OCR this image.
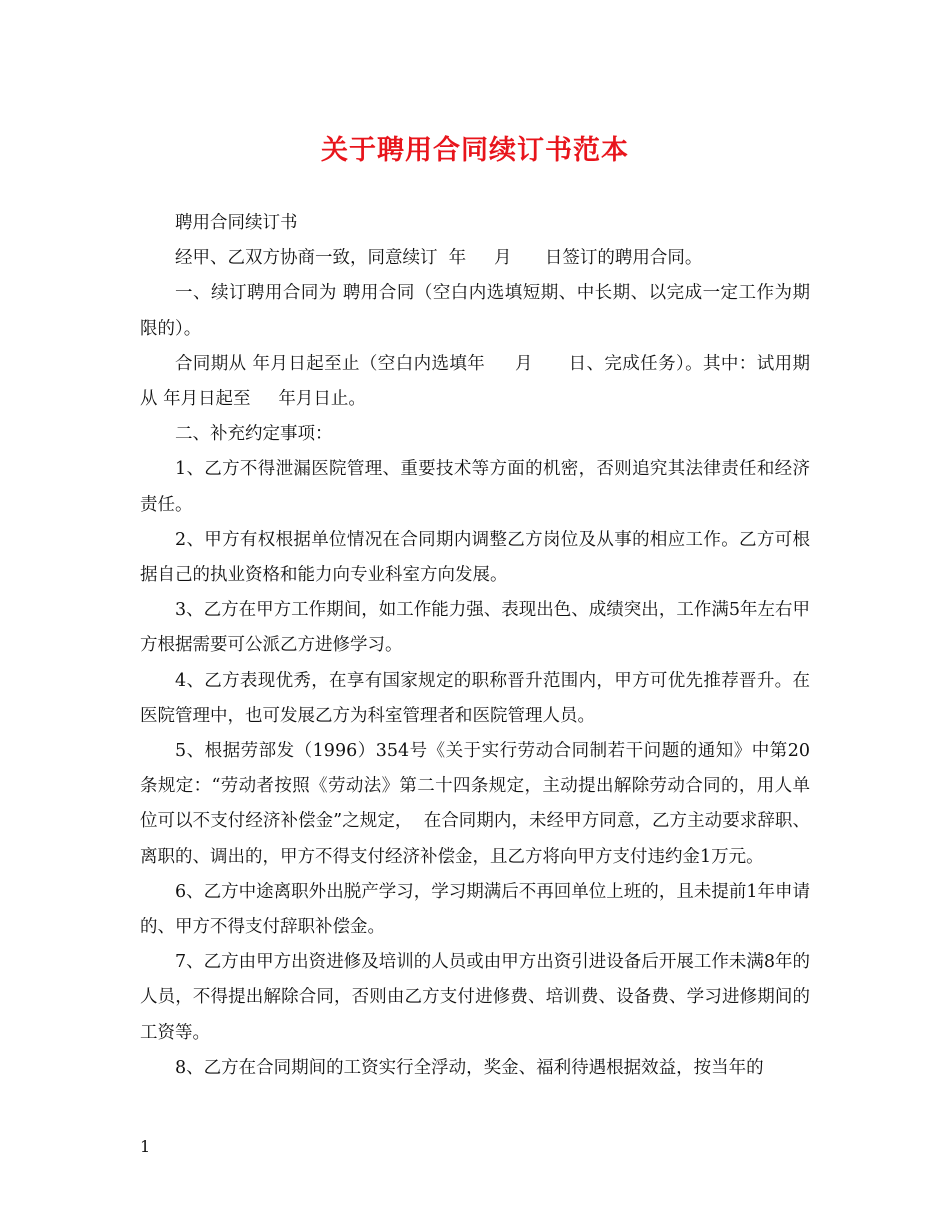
关于聘用合同续订书范本

聘用合同续订书

经甲、乙双方协商一致，同意续订  年     月      日签订的聘用合同。

一、续订聘用合同为 聘用合同（空白内选填短期、中长期、以完成一定工作为期限的）。

合同期从 年月日起至止（空白内选填年     月      日、完成任务）。其中：试用期从 年月日起至     年月日止。

二、补充约定事项：

1、乙方不得泄漏医院管理、重要技术等方面的机密，否则追究其法律责任和经济责任。

2、甲方有权根据单位情况在合同期内调整乙方岗位及从事的相应工作。乙方可根据自己的执业资格和能力向专业科室方向发展。

3、乙方在甲方工作期间，如工作能力强、表现出色、成绩突出，工作满5年左右甲方根据需要可公派乙方进修学习。

4、乙方表现优秀，在享有国家规定的职称晋升范围内，甲方可优先推荐晋升。在医院管理中，也可发展乙方为科室管理者和医院管理人员。

5、根据劳部发（1996）354号《关于实行劳动合同制若干问题的通知》中第20条规定：“劳动者按照《劳动法》第二十四条规定，主动提出解除劳动合同的，用人单位可以不支付经济补偿金”之规定，  在合同期内，未经甲方同意，乙方主动要求辞职、离职的、调出的，甲方不得支付经济补偿金，且乙方将向甲方支付违约金1万元。

6、乙方中途离职外出脱产学习，学习期满后不再回单位上班的，且未提前1年申请的、甲方不得支付辞职补偿金。

7、乙方由甲方出资进修及培训的人员或由甲方出资引进设备后开展工作未满8年的人员，不得提出解除合同，否则由乙方支付进修费、培训费、设备费、学习进修期间的工资等。

8、乙方在合同期间的工资实行全浮动，奖金、福利待遇根据效益，按当年的

1
